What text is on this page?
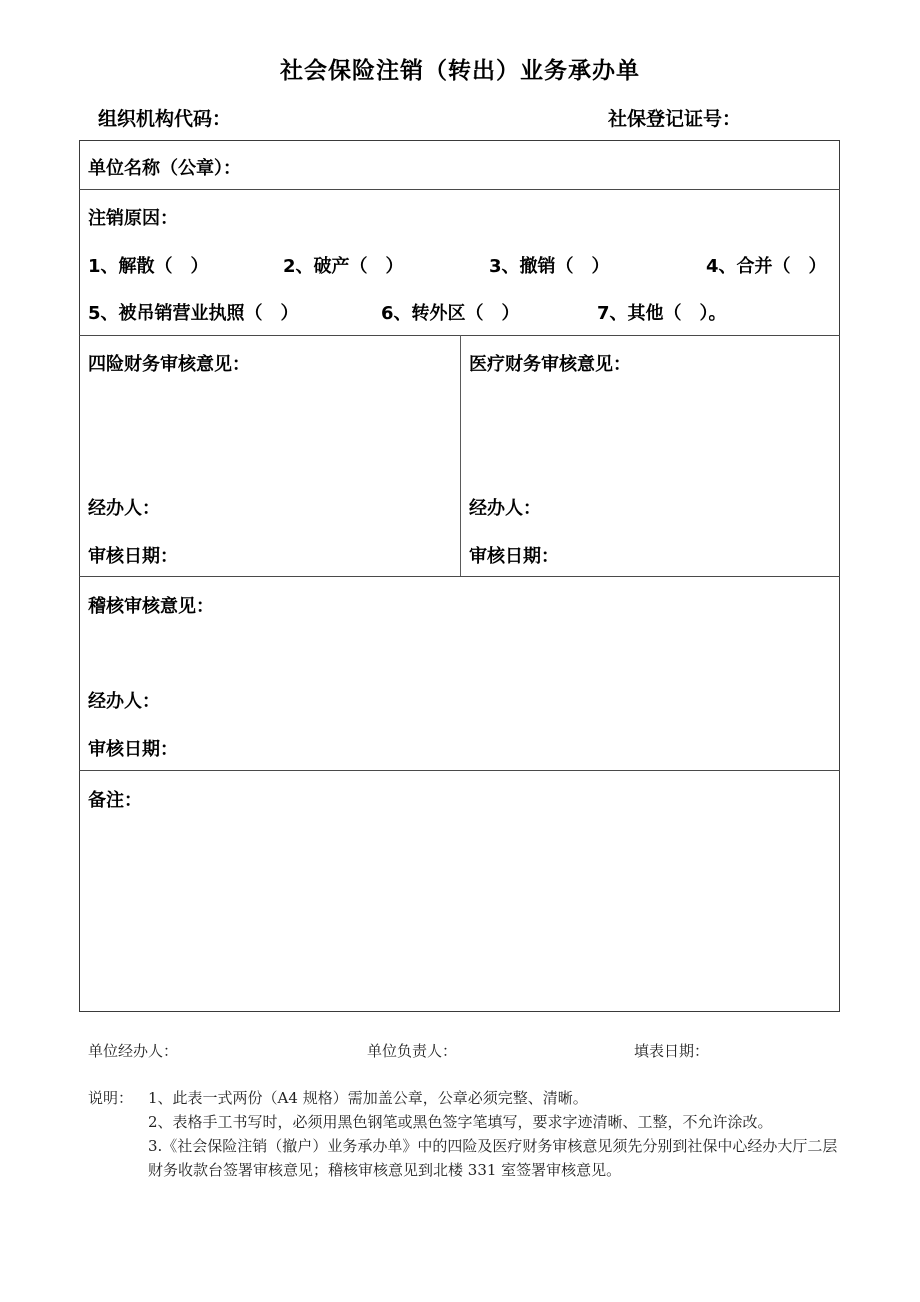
社会保险注销（转出）业务承办单
组织机构代码：	社保登记证号：
单位名称（公章）：
注销原因：
1、解散（　）	2、破产（　）	3、撤销（　）	4、合并（　）
5、被吊销营业执照（　）	6、转外区（　）	7、其他（　）。
四险财务审核意见：
经办人：
审核日期：
医疗财务审核意见：
经办人：
审核日期：
稽核审核意见：
经办人：
审核日期：
备注：
单位经办人：	单位负责人：	填表日期：
说明： 1、此表一式两份（A4 规格）需加盖公章，公章必须完整、清晰。
2、表格手工书写时，必须用黑色钢笔或黑色签字笔填写，要求字迹清晰、工整，不允许涂改。
3.《社会保险注销（撤户）业务承办单》中的四险及医疗财务审核意见须先分别到社保中心经办大厅二层财务收款台签署审核意见；稽核审核意见到北楼 331 室签署审核意见。
